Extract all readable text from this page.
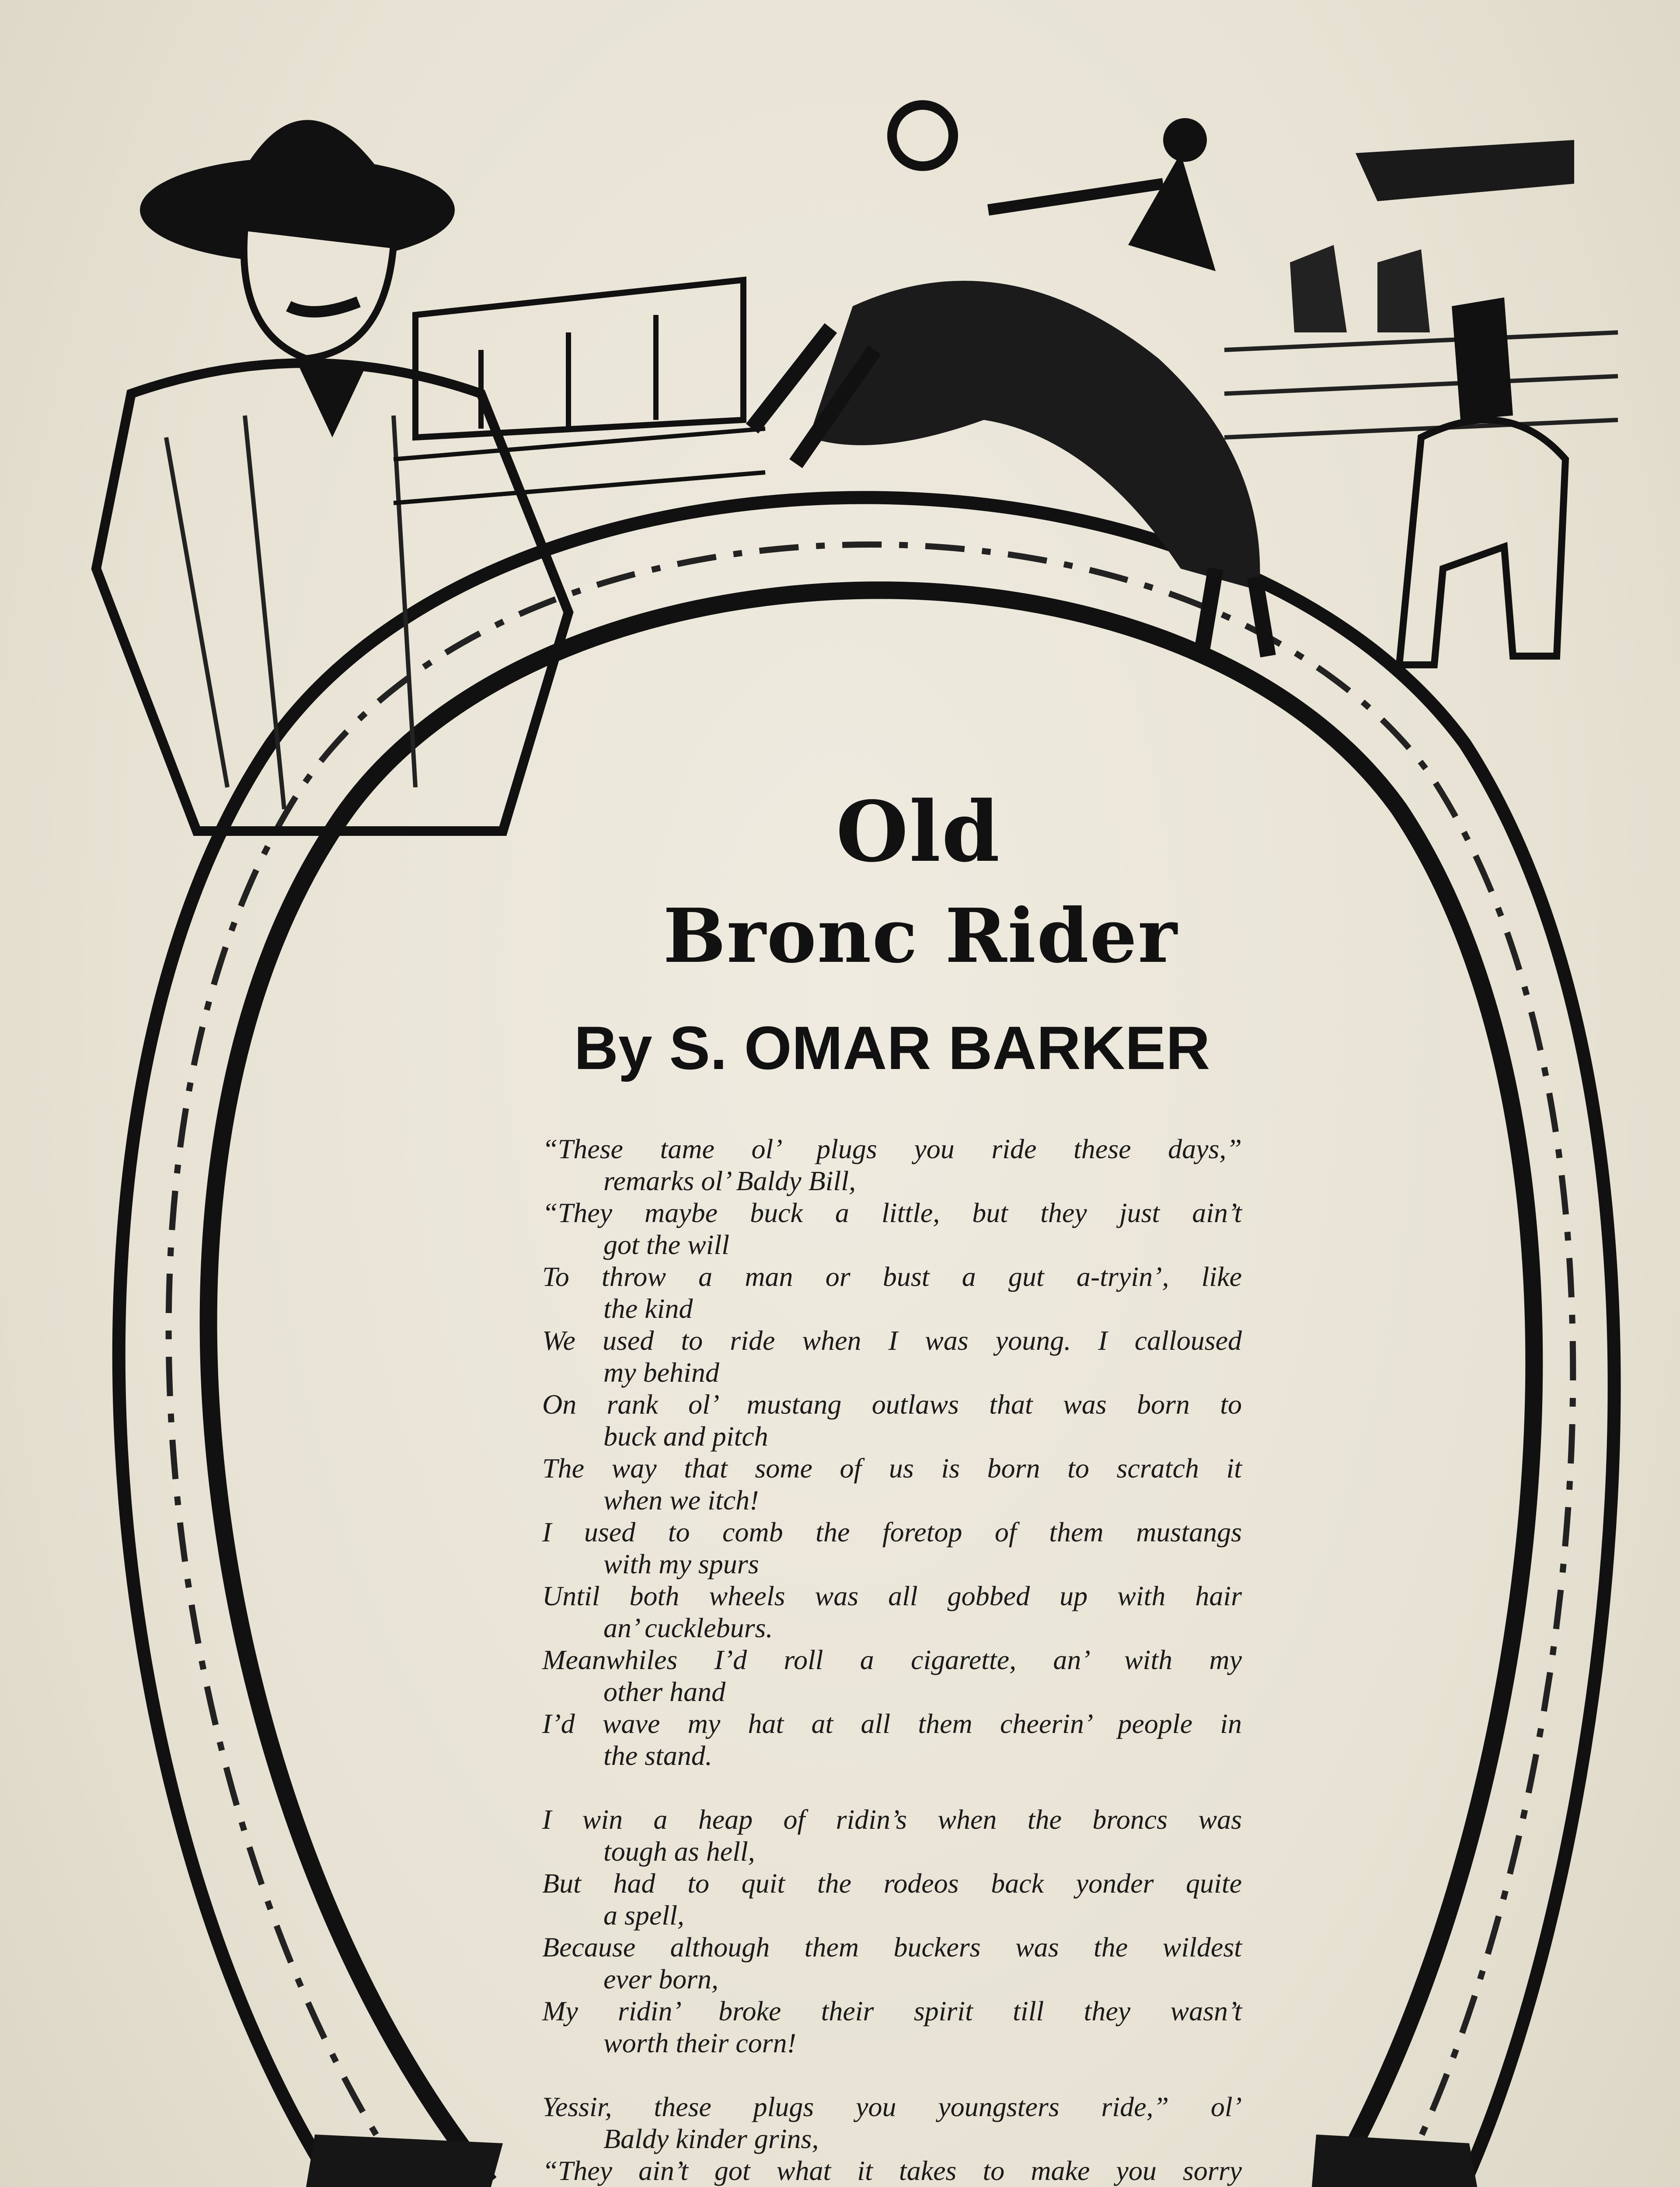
Old
Bronc Rider
By S. OMAR BARKER
“These tame ol’ plugs you ride these days,”
remarks ol’ Baldy Bill,
“They maybe buck a little, but they just ain’t
got the will
To throw a man or bust a gut a-tryin’, like
the kind
We used to ride when I was young. I calloused
my behind
On rank ol’ mustang outlaws that was born to
buck and pitch
The way that some of us is born to scratch it
when we itch!
I used to comb the foretop of them mustangs
with my spurs
Until both wheels was all gobbed up with hair
an’ cuckleburs.
Meanwhiles I’d roll a cigarette, an’ with my
other hand
I’d wave my hat at all them cheerin’ people in
the stand.
I win a heap of ridin’s when the broncs was
tough as hell,
But had to quit the rodeos back yonder quite
a spell,
Because although them buckers was the wildest
ever born,
My ridin’ broke their spirit till they wasn’t
worth their corn!
Yessir, these plugs you youngsters ride,” ol’
Baldy kinder grins,
“They ain’t got what it takes to make you sorry
